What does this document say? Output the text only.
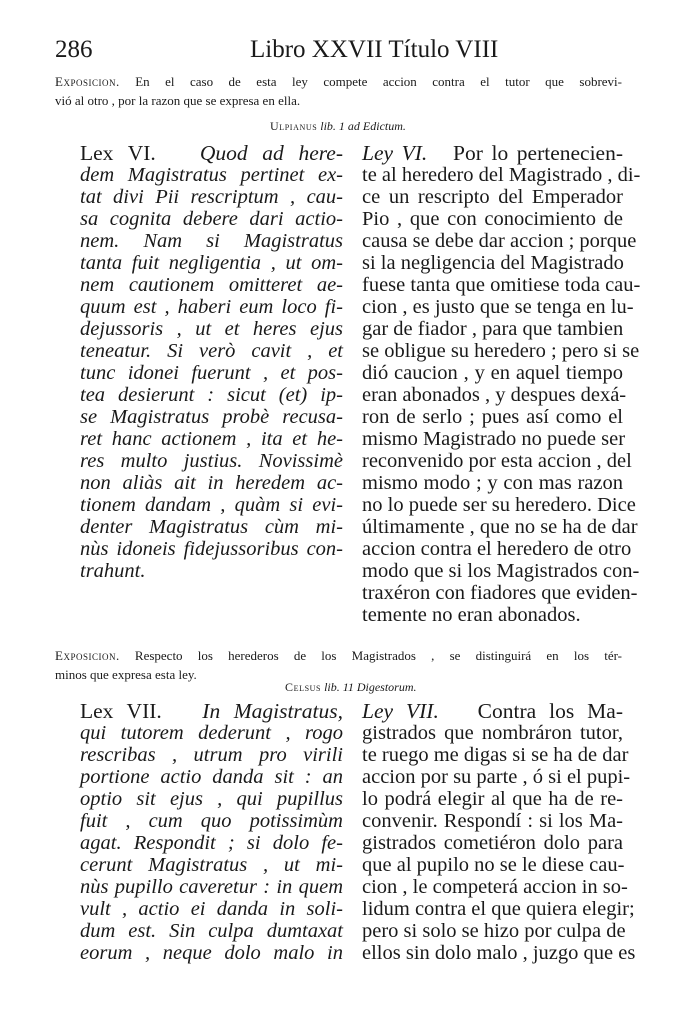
286	Libro XXVII Título VIII
Exposicion. En el caso de esta ley compete accion contra el tutor que sobrevi-
vió al otro , por la razon que se expresa en ella.
Ulpianus lib. 1 ad Edictum.
Lex VI. Quod ad here-
dem Magistratus pertinet ex-
tat divi Pii rescriptum , cau-
sa cognita debere dari actio-
nem. Nam si Magistratus
tanta fuit negligentia , ut om-
nem cautionem omitteret ae-
quum est , haberi eum loco fi-
dejussoris , ut et heres ejus
teneatur. Si verò cavit , et
tunc idonei fuerunt , et pos-
tea desierunt : sicut (et) ip-
se Magistratus probè recusa-
ret hanc actionem , ita et he-
res multo justius. Novissimè
non aliàs ait in heredem ac-
tionem dandam , quàm si evi-
denter Magistratus cùm mi-
nùs idoneis fidejussoribus con-
trahunt.
Ley VI. Por lo pertenecien-
te al heredero del Magistrado , di-
ce un rescripto del Emperador
Pio , que con conocimiento de
causa se debe dar accion ; porque
si la negligencia del Magistrado
fuese tanta que omitiese toda cau-
cion , es justo que se tenga en lu-
gar de fiador , para que tambien
se obligue su heredero ; pero si se
dió caucion , y en aquel tiempo
eran abonados , y despues dexá-
ron de serlo ; pues así como el
mismo Magistrado no puede ser
reconvenido por esta accion , del
mismo modo ; y con mas razon
no lo puede ser su heredero. Dice
últimamente , que no se ha de dar
accion contra el heredero de otro
modo que si los Magistrados con-
traxéron con fiadores que eviden-
temente no eran abonados.
Exposicion. Respecto los herederos de los Magistrados , se distinguirá en los tér-
minos que expresa esta ley.
Celsus lib. 11 Digestorum.
Lex VII. In Magistratus,
qui tutorem dederunt , rogo
rescribas , utrum pro virili
portione actio danda sit : an
optio sit ejus , qui pupillus
fuit , cum quo potissimùm
agat. Respondit ; si dolo fe-
cerunt Magistratus , ut mi-
nùs pupillo caveretur : in quem
vult , actio ei danda in soli-
dum est. Sin culpa dumtaxat
eorum , neque dolo malo in
Ley VII. Contra los Ma-
gistrados que nombráron tutor,
te ruego me digas si se ha de dar
accion por su parte , ó si el pupi-
lo podrá elegir al que ha de re-
convenir. Respondí : si los Ma-
gistrados cometiéron dolo para
que al pupilo no se le diese cau-
cion , le competerá accion in so-
lidum contra el que quiera elegir;
pero si solo se hizo por culpa de
ellos sin dolo malo , juzgo que es
